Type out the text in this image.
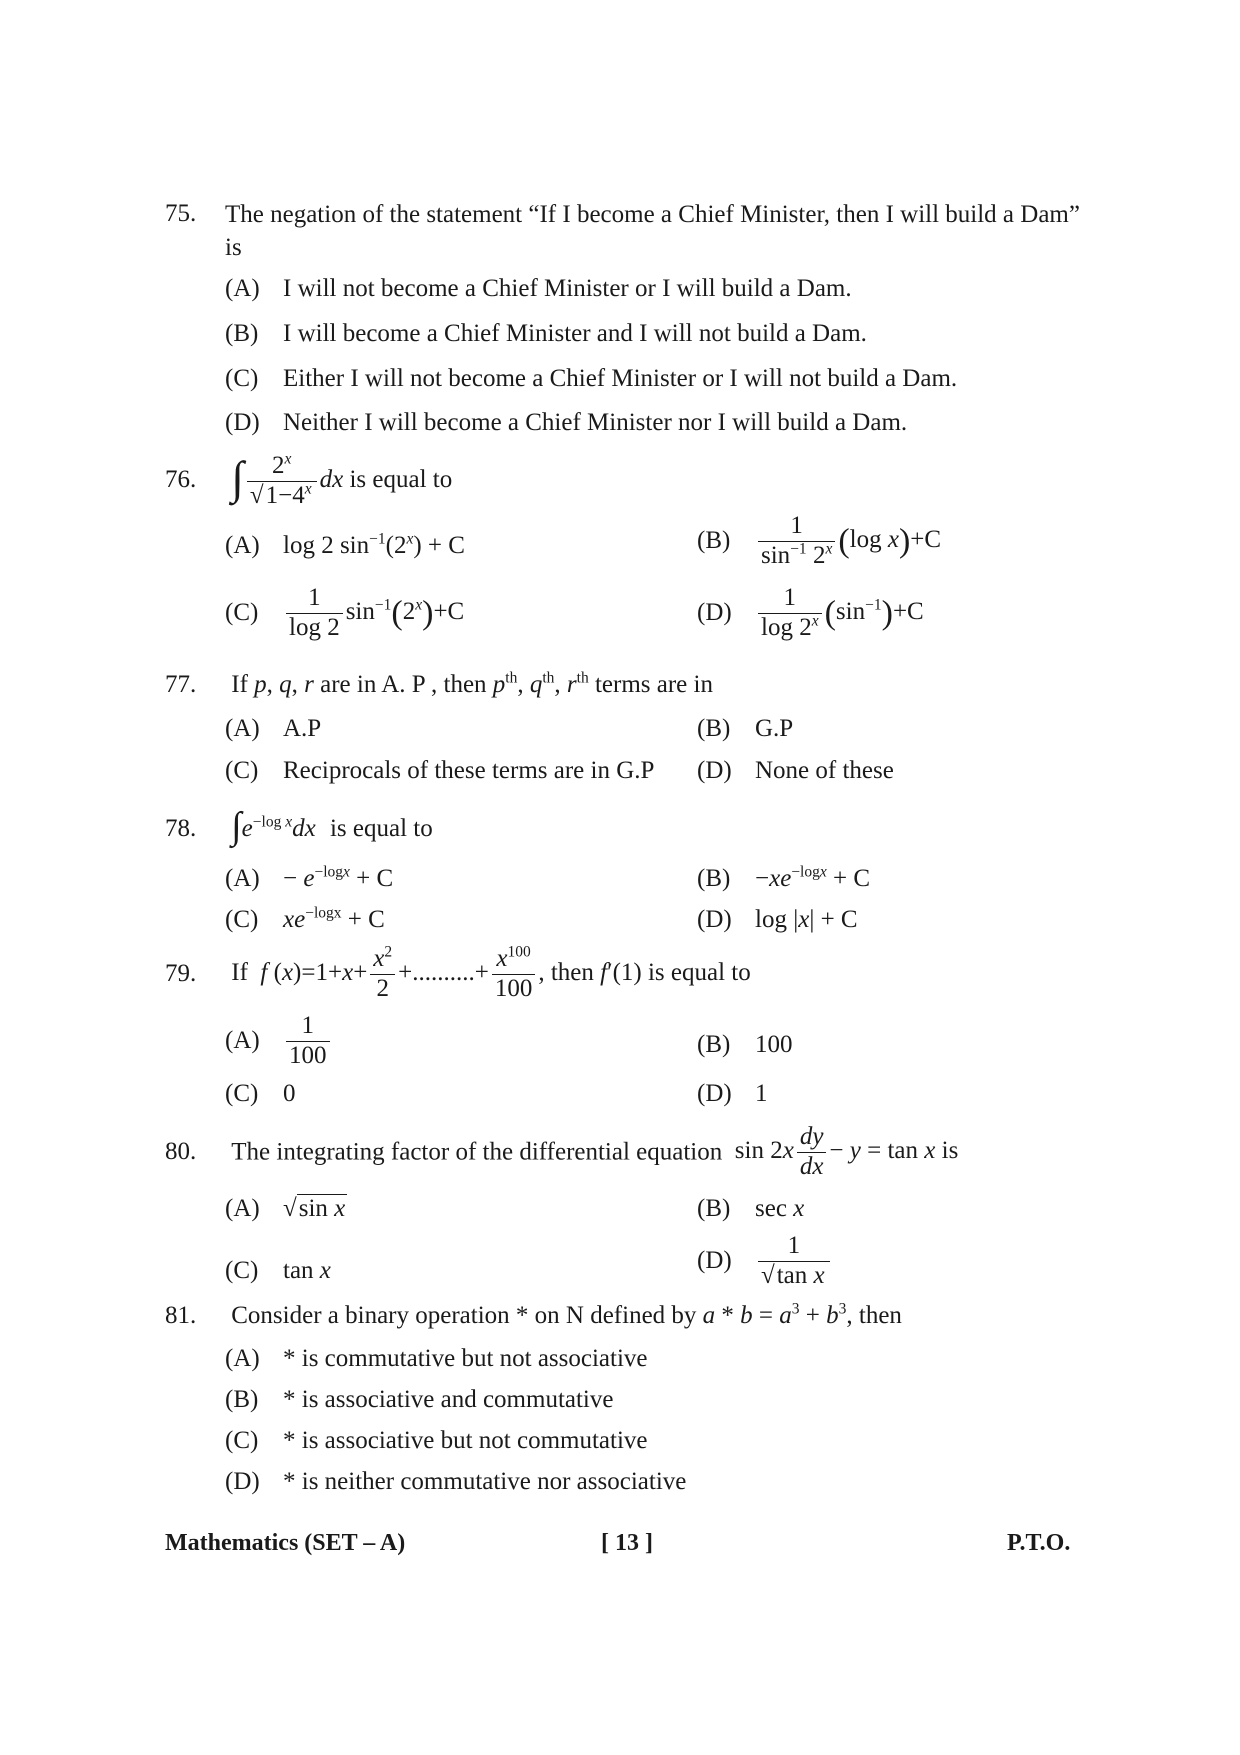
75. The negation of the statement “If I become a Chief Minister, then I will build a Dam” is
(A) I will not become a Chief Minister or I will build a Dam.
(B) I will become a Chief Minister and I will not build a Dam.
(C) Either I will not become a Chief Minister or I will not build a Dam.
(D) Neither I will become a Chief Minister nor I will build a Dam.
76. ∫ $\frac{2^x}{√1-4^x}$ dx is equal to
(A) log 2 $\sin^{-1}(2^x) + C$	$(B) \frac{1}{\sin^{-1} 2^x} (\log$ x)+C
$(C) \frac{1}{\log 2} \sin^{-1}(2^x)+C$	$(D) \frac{1}{\log 2^x} (\sin^{-1})+C$
77. If p, q, r are in A. P , then $p^{th}$, $q^{th}$, $r^{th}$ terms are in
(A) A.P	(B) G.P
(C) Reciprocals of these terms are in G.P (D) None of these
78. $\int e^{-log x}dx$ is equal to
$(A) - e^{-logx} + C$	$(B) -xe^{-logx} + C$
(C) $xe^{-logx} + C$	(D) log |x| + C
79. If  f $(x)=1+x+ \frac{x^2}{2}$ +..........+ $\frac{x^{100}}{100}$ , then f′(1) is equal to
$(A) \frac{1}{100}$	(B) 100
(C) 0	(D) 1
80. The integrating factor of the differential equation  $\sin 2x \frac{dy}{dx} - y = \tan x$ is
(A) √sin x	(B) sec x
(C) tan x	$(D) \frac{1}{\text{√tan x}}$
81. Consider a binary operation * on N defined by $a * b = a^3 + b^3$, then
(A) * is commutative but not associative
(B) * is associative and commutative
(C) * is associative but not commutative
(D) * is neither commutative nor associative
Mathematics (SET – A)	[ 13 ]	P.T.O.
